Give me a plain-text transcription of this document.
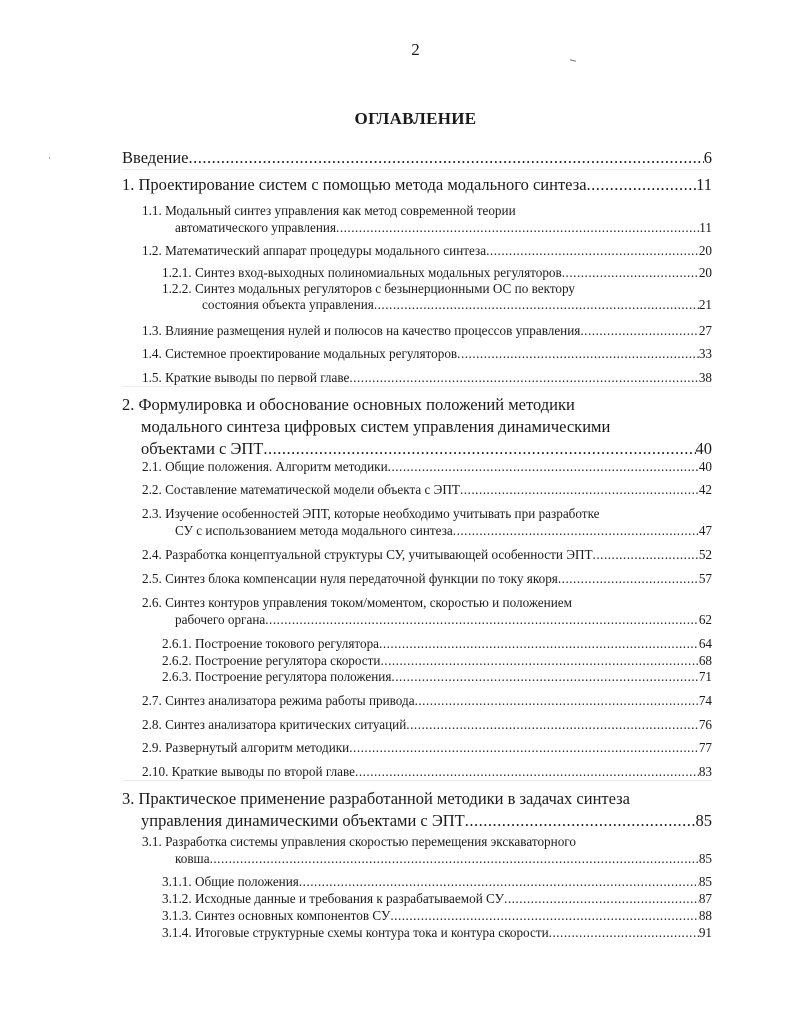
2
ОГЛАВЛЕНИЕ
Введение .....	6
1. Проектирование систем с помощью метода модального синтеза .....	11
1.1. Модальный синтез управления как метод современной теории
автоматического управления .....	11
1.2. Математический аппарат процедуры модального синтеза .....	20
1.2.1. Синтез вход-выходных полиномиальных модальных регуляторов .....	20
1.2.2. Синтез модальных регуляторов с безынерционными ОС по вектору
состояния объекта управления .....	21
1.3. Влияние размещения нулей и полюсов на качество процессов управления .....	27
1.4. Системное проектирование модальных регуляторов .....	33
1.5. Краткие выводы по первой главе .....	38
2. Формулировка и обоснование основных положений методики
модального синтеза цифровых систем управления динамическими
объектами с ЭПТ .....	40
2.1. Общие положения. Алгоритм методики .....	40
2.2. Составление математической модели объекта с ЭПТ .....	42
2.3. Изучение особенностей ЭПТ, которые необходимо учитывать при разработке
СУ с использованием метода модального синтеза .....	47
2.4. Разработка концептуальной структуры СУ, учитывающей особенности ЭПТ .....	52
2.5. Синтез блока компенсации нуля передаточной функции по току якоря .....	57
2.6. Синтез контуров управления током/моментом, скоростью и положением
рабочего органа .....	62
2.6.1. Построение токового регулятора .....	64
2.6.2. Построение регулятора скорости .....	68
2.6.3. Построение регулятора положения .....	71
2.7. Синтез анализатора режима работы привода .....	74
2.8. Синтез анализатора критических ситуаций .....	76
2.9. Развернутый алгоритм методики .....	77
2.10. Краткие выводы по второй главе .....	83
3. Практическое применение разработанной методики в задачах синтеза
управления динамическими объектами с ЭПТ .....	85
3.1. Разработка системы управления скоростью перемещения экскаваторного
ковша .....	85
3.1.1. Общие положения .....	85
3.1.2. Исходные данные и требования к разрабатываемой СУ .....	87
3.1.3. Синтез основных компонентов СУ .....	88
3.1.4. Итоговые структурные схемы контура тока и контура скорости .....	91
